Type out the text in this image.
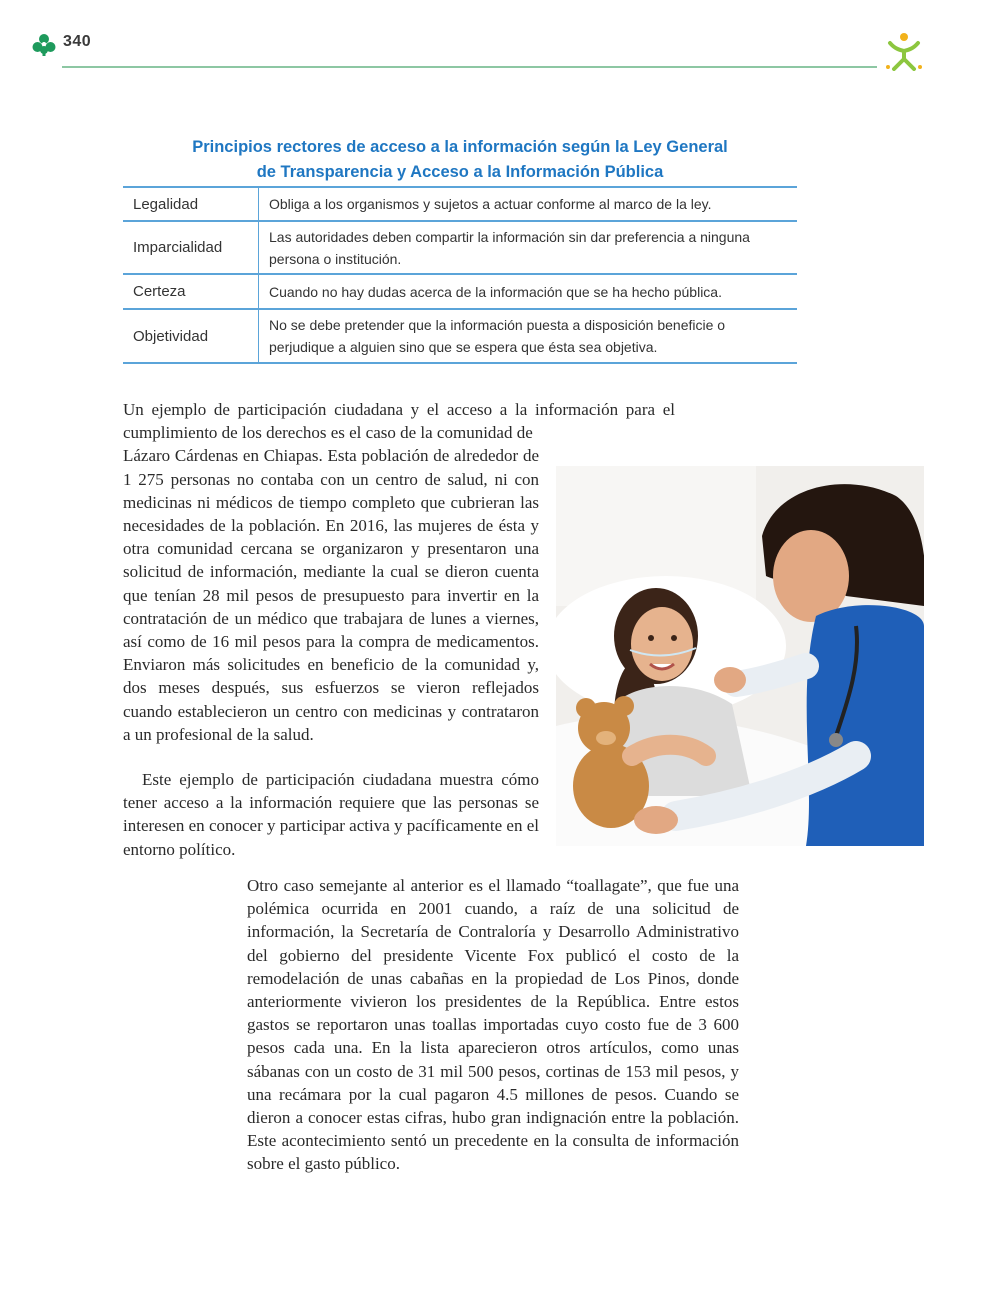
340
Principios rectores de acceso a la información según la Ley General
de Transparencia y Acceso a la Información Pública
Legalidad	Obliga a los organismos y sujetos a actuar conforme al marco de la ley.
Imparcialidad	Las autoridades deben compartir la información sin dar preferencia a ninguna persona o institución.
Certeza	Cuando no hay dudas acerca de la información que se ha hecho pública.
Objetividad	No se debe pretender que la información puesta a disposición beneficie o perjudique a alguien sino que se espera que ésta sea objetiva.
Un ejemplo de participación ciudadana y el acceso a la información para el cumplimiento de los derechos es el caso de la comunidad de
Lázaro Cárdenas en Chiapas. Esta población de alrededor de 1 275 personas no contaba con un centro de salud, ni con medicinas ni médicos de tiempo completo que cubrieran las necesidades de la población. En 2016, las mujeres de ésta y otra comunidad cercana se organizaron y presentaron una solicitud de información, mediante la cual se dieron cuenta que tenían 28 mil pesos de presupuesto para invertir en la contratación de un médico que trabajara de lunes a viernes, así como de 16 mil pesos para la compra de medicamentos. Enviaron más solicitudes en beneficio de la comunidad y, dos meses después, sus esfuerzos se vieron reflejados cuando establecieron un centro con medicinas y contrataron a un profesional de la salud.

Este ejemplo de participación ciudadana muestra cómo tener acceso a la información requiere que las personas se interesen en conocer y participar activa y pacíficamente en el entorno político.

Otro caso semejante al anterior es el llamado “toallagate”, que fue una polémica ocurrida en 2001 cuando, a raíz de una solicitud de información, la Secretaría de Contraloría y Desarrollo Administrativo del gobierno del presidente Vicente Fox publicó el costo de la remodelación de unas cabañas en la propiedad de Los Pinos, donde anteriormente vivieron los presidentes de la República. Entre estos gastos se reportaron unas toallas importadas cuyo costo fue de 3 600 pesos cada una. En la lista aparecieron otros artículos, como unas sábanas con un costo de 31 mil 500 pesos, cortinas de 153 mil pesos, y una recámara por la cual pagaron 4.5 millones de pesos. Cuando se dieron a conocer estas cifras, hubo gran indignación entre la población. Este acontecimiento sentó un precedente en la consulta de información sobre el gasto público.
